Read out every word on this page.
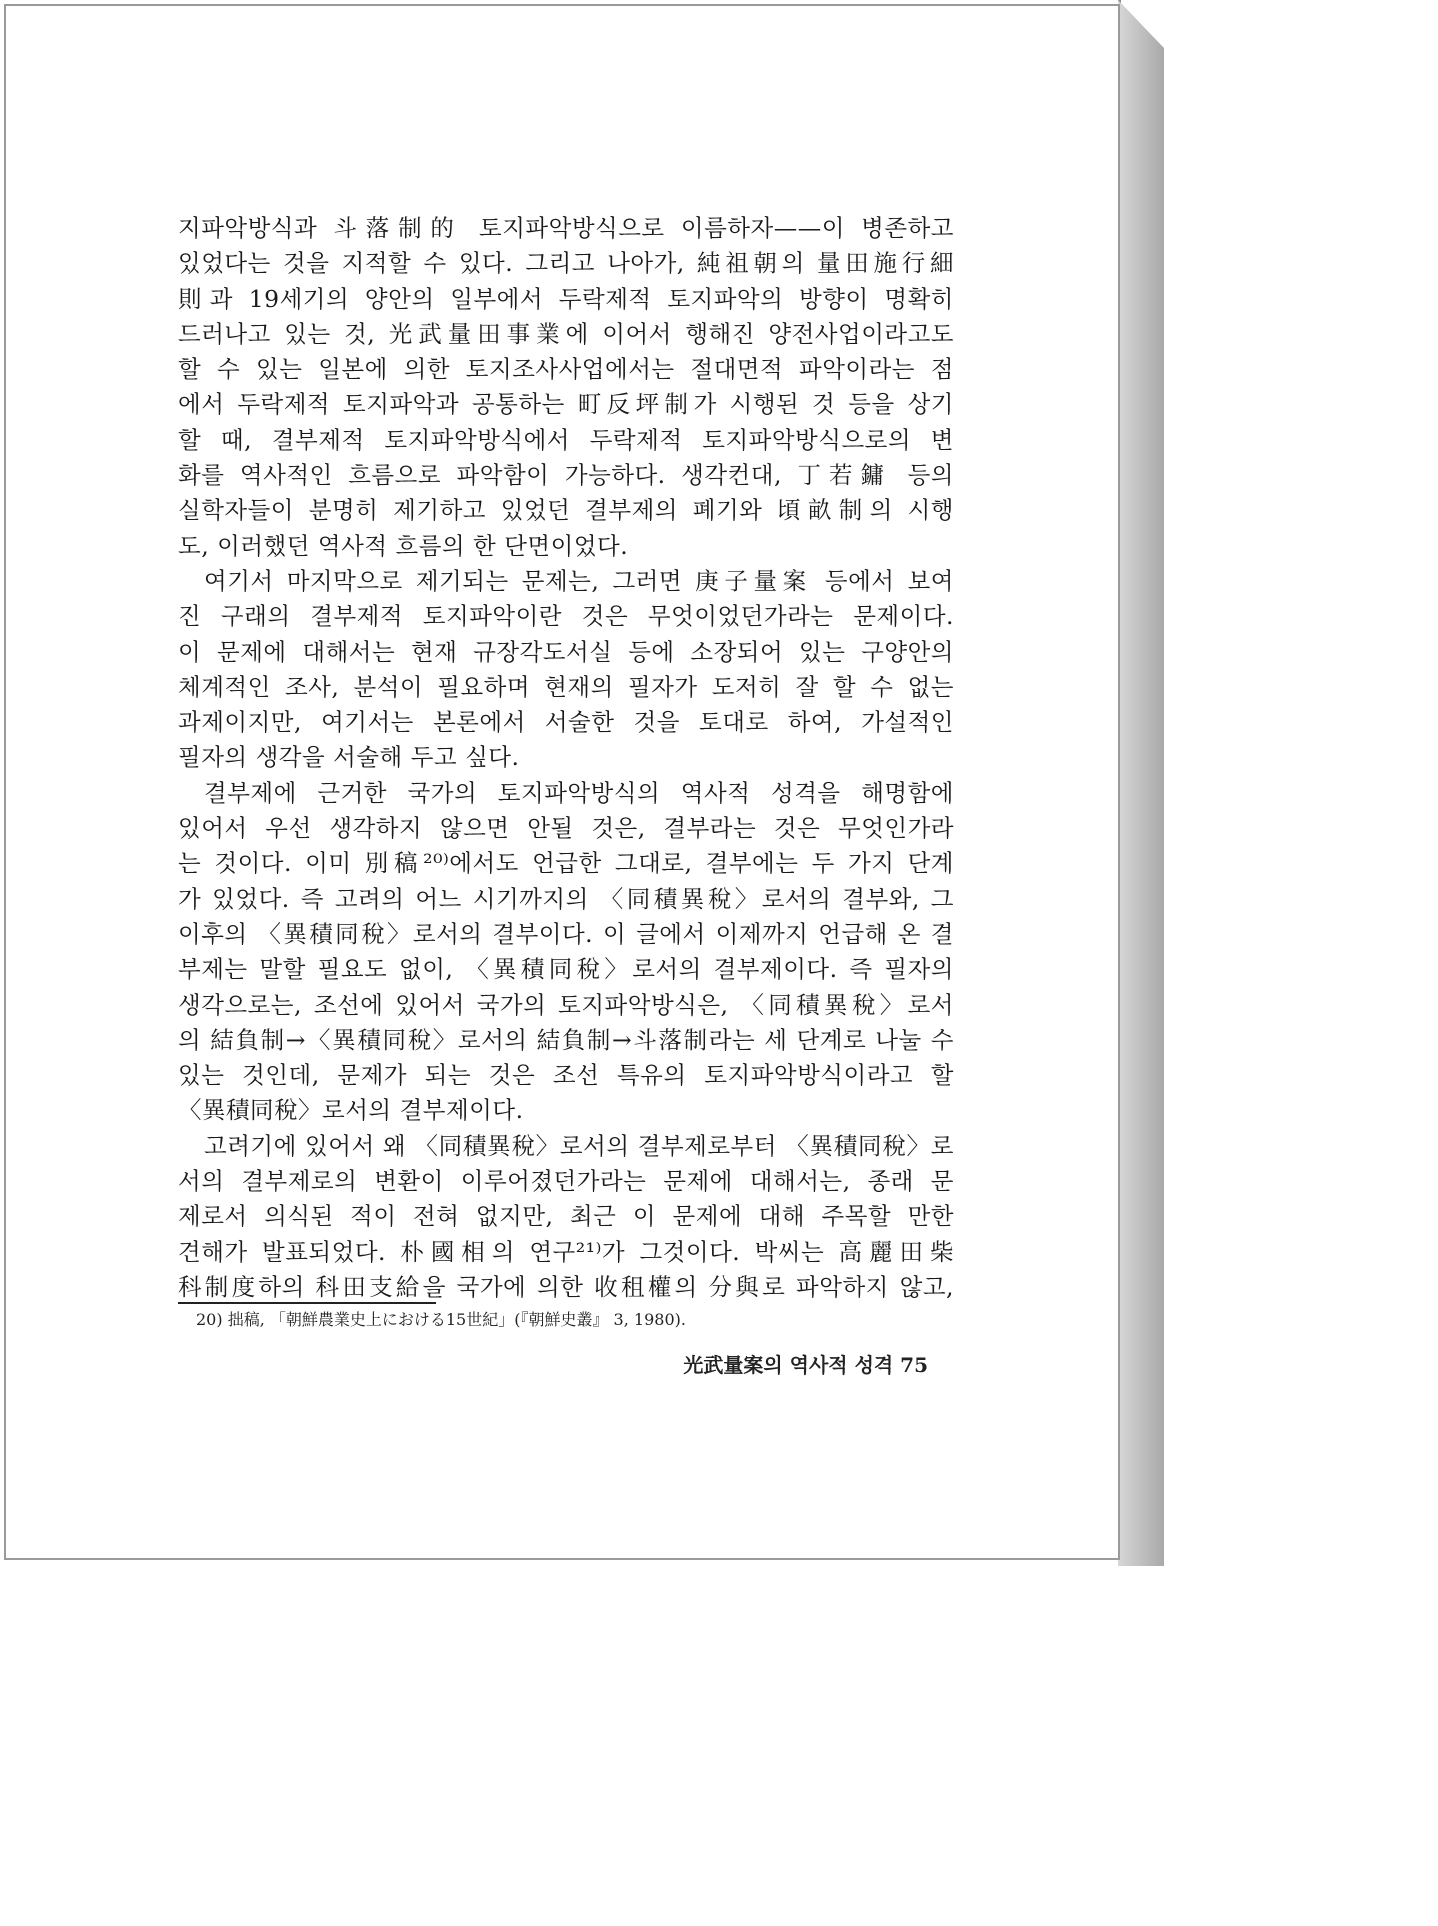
지파악방식과 斗落制的 토지파악방식으로 이름하자——이 병존하고
있었다는 것을 지적할 수 있다. 그리고 나아가, 純祖朝의 量田施行細
則과 19세기의 양안의 일부에서 두락제적 토지파악의 방향이 명확히
드러나고 있는 것, 光武量田事業에 이어서 행해진 양전사업이라고도
할 수 있는 일본에 의한 토지조사사업에서는 절대면적 파악이라는 점
에서 두락제적 토지파악과 공통하는 町反坪制가 시행된 것 등을 상기
할 때, 결부제적 토지파악방식에서 두락제적 토지파악방식으로의 변
화를 역사적인 흐름으로 파악함이 가능하다. 생각컨대, 丁若鏞 등의
실학자들이 분명히 제기하고 있었던 결부제의 폐기와 頃畝制의 시행
도, 이러했던 역사적 흐름의 한 단면이었다.
여기서 마지막으로 제기되는 문제는, 그러면 庚子量案 등에서 보여
진 구래의 결부제적 토지파악이란 것은 무엇이었던가라는 문제이다.
이 문제에 대해서는 현재 규장각도서실 등에 소장되어 있는 구양안의
체계적인 조사, 분석이 필요하며 현재의 필자가 도저히 잘 할 수 없는
과제이지만, 여기서는 본론에서 서술한 것을 토대로 하여, 가설적인
필자의 생각을 서술해 두고 싶다.
결부제에 근거한 국가의 토지파악방식의 역사적 성격을 해명함에
있어서 우선 생각하지 않으면 안될 것은, 결부라는 것은 무엇인가라
는 것이다. 이미 別稿²⁰⁾에서도 언급한 그대로, 결부에는 두 가지 단계
가 있었다. 즉 고려의 어느 시기까지의 〈同積異稅〉로서의 결부와, 그
이후의 〈異積同稅〉로서의 결부이다. 이 글에서 이제까지 언급해 온 결
부제는 말할 필요도 없이, 〈異積同稅〉로서의 결부제이다. 즉 필자의
생각으로는, 조선에 있어서 국가의 토지파악방식은, 〈同積異稅〉로서
의 結負制→〈異積同稅〉로서의 結負制→斗落制라는 세 단계로 나눌 수
있는 것인데, 문제가 되는 것은 조선 특유의 토지파악방식이라고 할
〈異積同稅〉로서의 결부제이다.
고려기에 있어서 왜 〈同積異稅〉로서의 결부제로부터 〈異積同稅〉로
서의 결부제로의 변환이 이루어졌던가라는 문제에 대해서는, 종래 문
제로서 의식된 적이 전혀 없지만, 최근 이 문제에 대해 주목할 만한
견해가 발표되었다. 朴國相의 연구²¹⁾가 그것이다. 박씨는 高麗田柴
科制度하의 科田支給을 국가에 의한 收租權의 分與로 파악하지 않고,
20) 拙稿, 「朝鮮農業史上における15世紀」(『朝鮮史叢』 3, 1980).
光武量案의 역사적 성격 75
